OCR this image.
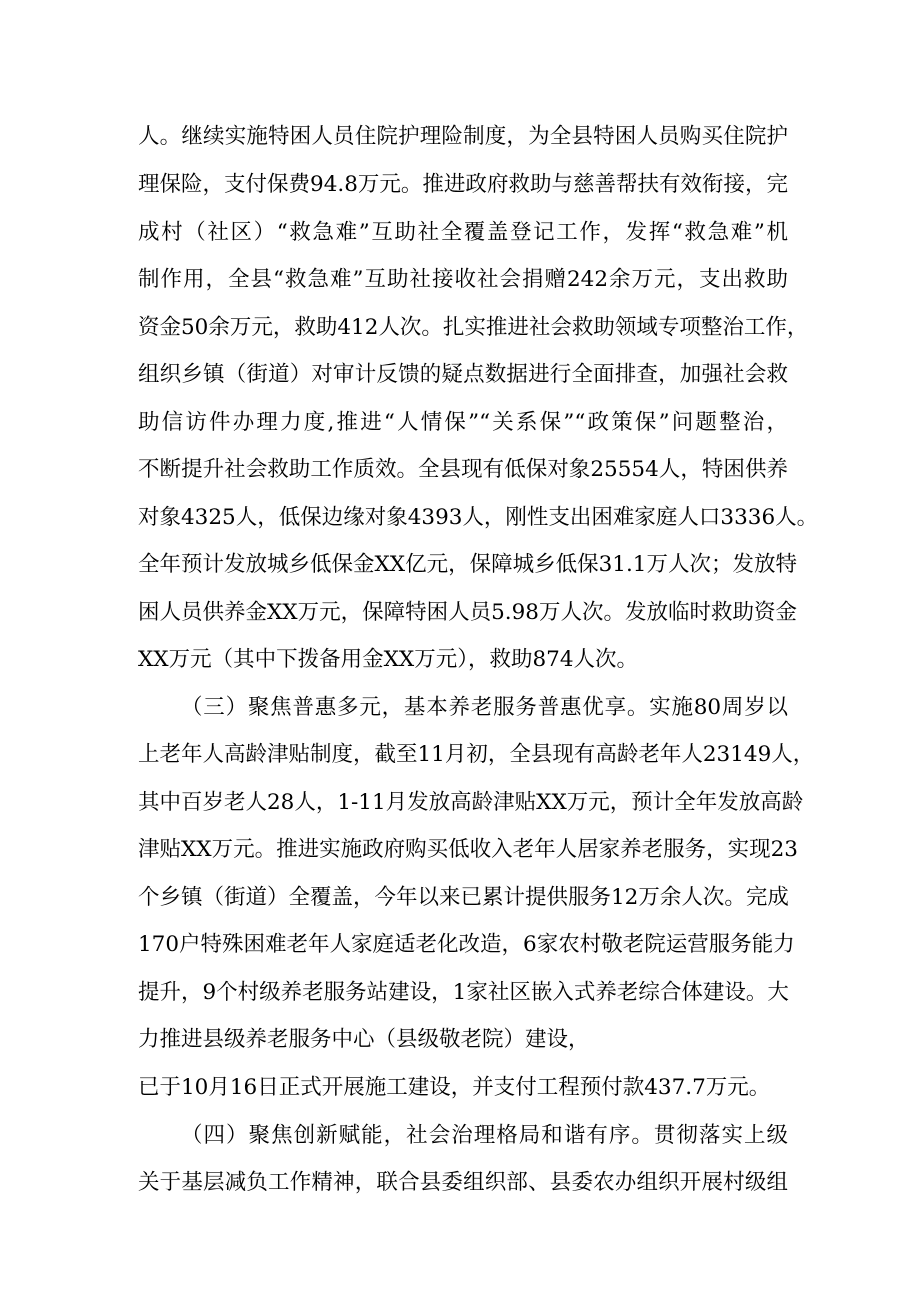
人。继续实施特困人员住院护理险制度，为全县特困人员购买住院护
理保险，支付保费94.8万元。推进政府救助与慈善帮扶有效衔接，完
成村（社区）“救急难”互助社全覆盖登记工作，发挥“救急难”机
制作用，全县“救急难”互助社接收社会捐赠242余万元，支出救助
资金50余万元，救助412人次。扎实推进社会救助领域专项整治工作，
组织乡镇（街道）对审计反馈的疑点数据进行全面排查，加强社会救
助信访件办理力度,推进“人情保”“关系保”“政策保”问题整治，
不断提升社会救助工作质效。全县现有低保对象25554人，特困供养
对象4325人，低保边缘对象4393人，刚性支出困难家庭人口3336人。
全年预计发放城乡低保金XX亿元，保障城乡低保31.1万人次；发放特
困人员供养金XX万元，保障特困人员5.98万人次。发放临时救助资金
XX万元（其中下拨备用金XX万元），救助874人次。
（三）聚焦普惠多元，基本养老服务普惠优享。实施80周岁以
上老年人高龄津贴制度，截至11月初，全县现有高龄老年人23149人，
其中百岁老人28人，1-11月发放高龄津贴XX万元，预计全年发放高龄
津贴XX万元。推进实施政府购买低收入老年人居家养老服务，实现23
个乡镇（街道）全覆盖，今年以来已累计提供服务12万余人次。完成
170户特殊困难老年人家庭适老化改造，6家农村敬老院运营服务能力
提升，9个村级养老服务站建设，1家社区嵌入式养老综合体建设。大
力推进县级养老服务中心（县级敬老院）建设，
已于10月16日正式开展施工建设，并支付工程预付款437.7万元。
（四）聚焦创新赋能，社会治理格局和谐有序。贯彻落实上级
关于基层减负工作精神，联合县委组织部、县委农办组织开展村级组
